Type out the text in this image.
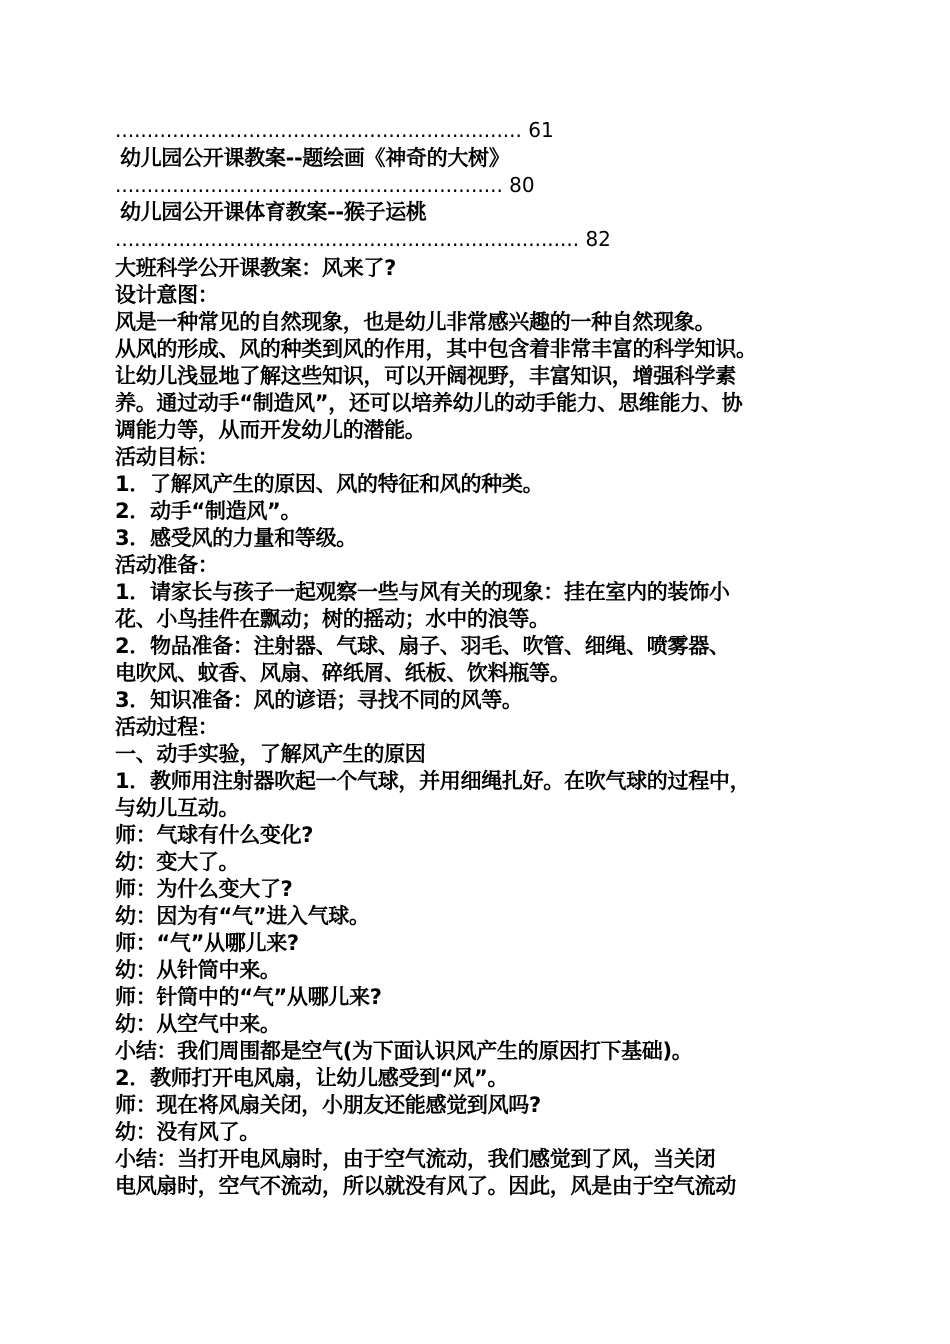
................................................................ 61
幼儿园公开课教案--题绘画《神奇的大树》
............................................................. 80
幼儿园公开课体育教案--猴子运桃
......................................................................... 82
大班科学公开课教案：风来了?
设计意图：
风是一种常见的自然现象，也是幼儿非常感兴趣的一种自然现象。
从风的形成、风的种类到风的作用，其中包含着非常丰富的科学知识。
让幼儿浅显地了解这些知识，可以开阔视野，丰富知识，增强科学素
养。通过动手“制造风”，还可以培养幼儿的动手能力、思维能力、协
调能力等，从而开发幼儿的潜能。
活动目标：
1．了解风产生的原因、风的特征和风的种类。
2．动手“制造风”。
3．感受风的力量和等级。
活动准备：
1．请家长与孩子一起观察一些与风有关的现象：挂在室内的装饰小
花、小鸟挂件在飘动；树的摇动；水中的浪等。
2．物品准备：注射器、气球、扇子、羽毛、吹管、细绳、喷雾器、
电吹风、蚊香、风扇、碎纸屑、纸板、饮料瓶等。
3．知识准备：风的谚语；寻找不同的风等。
活动过程：
一、动手实验，了解风产生的原因
1．教师用注射器吹起一个气球，并用细绳扎好。在吹气球的过程中，
与幼儿互动。
师：气球有什么变化?
幼：变大了。
师：为什么变大了?
幼：因为有“气”进入气球。
师：“气”从哪儿来?
幼：从针筒中来。
师：针筒中的“气”从哪儿来?
幼：从空气中来。
小结：我们周围都是空气(为下面认识风产生的原因打下基础)。
2．教师打开电风扇，让幼儿感受到“风”。
师：现在将风扇关闭，小朋友还能感觉到风吗?
幼：没有风了。
小结：当打开电风扇时，由于空气流动，我们感觉到了风，当关闭
电风扇时，空气不流动，所以就没有风了。因此，风是由于空气流动
